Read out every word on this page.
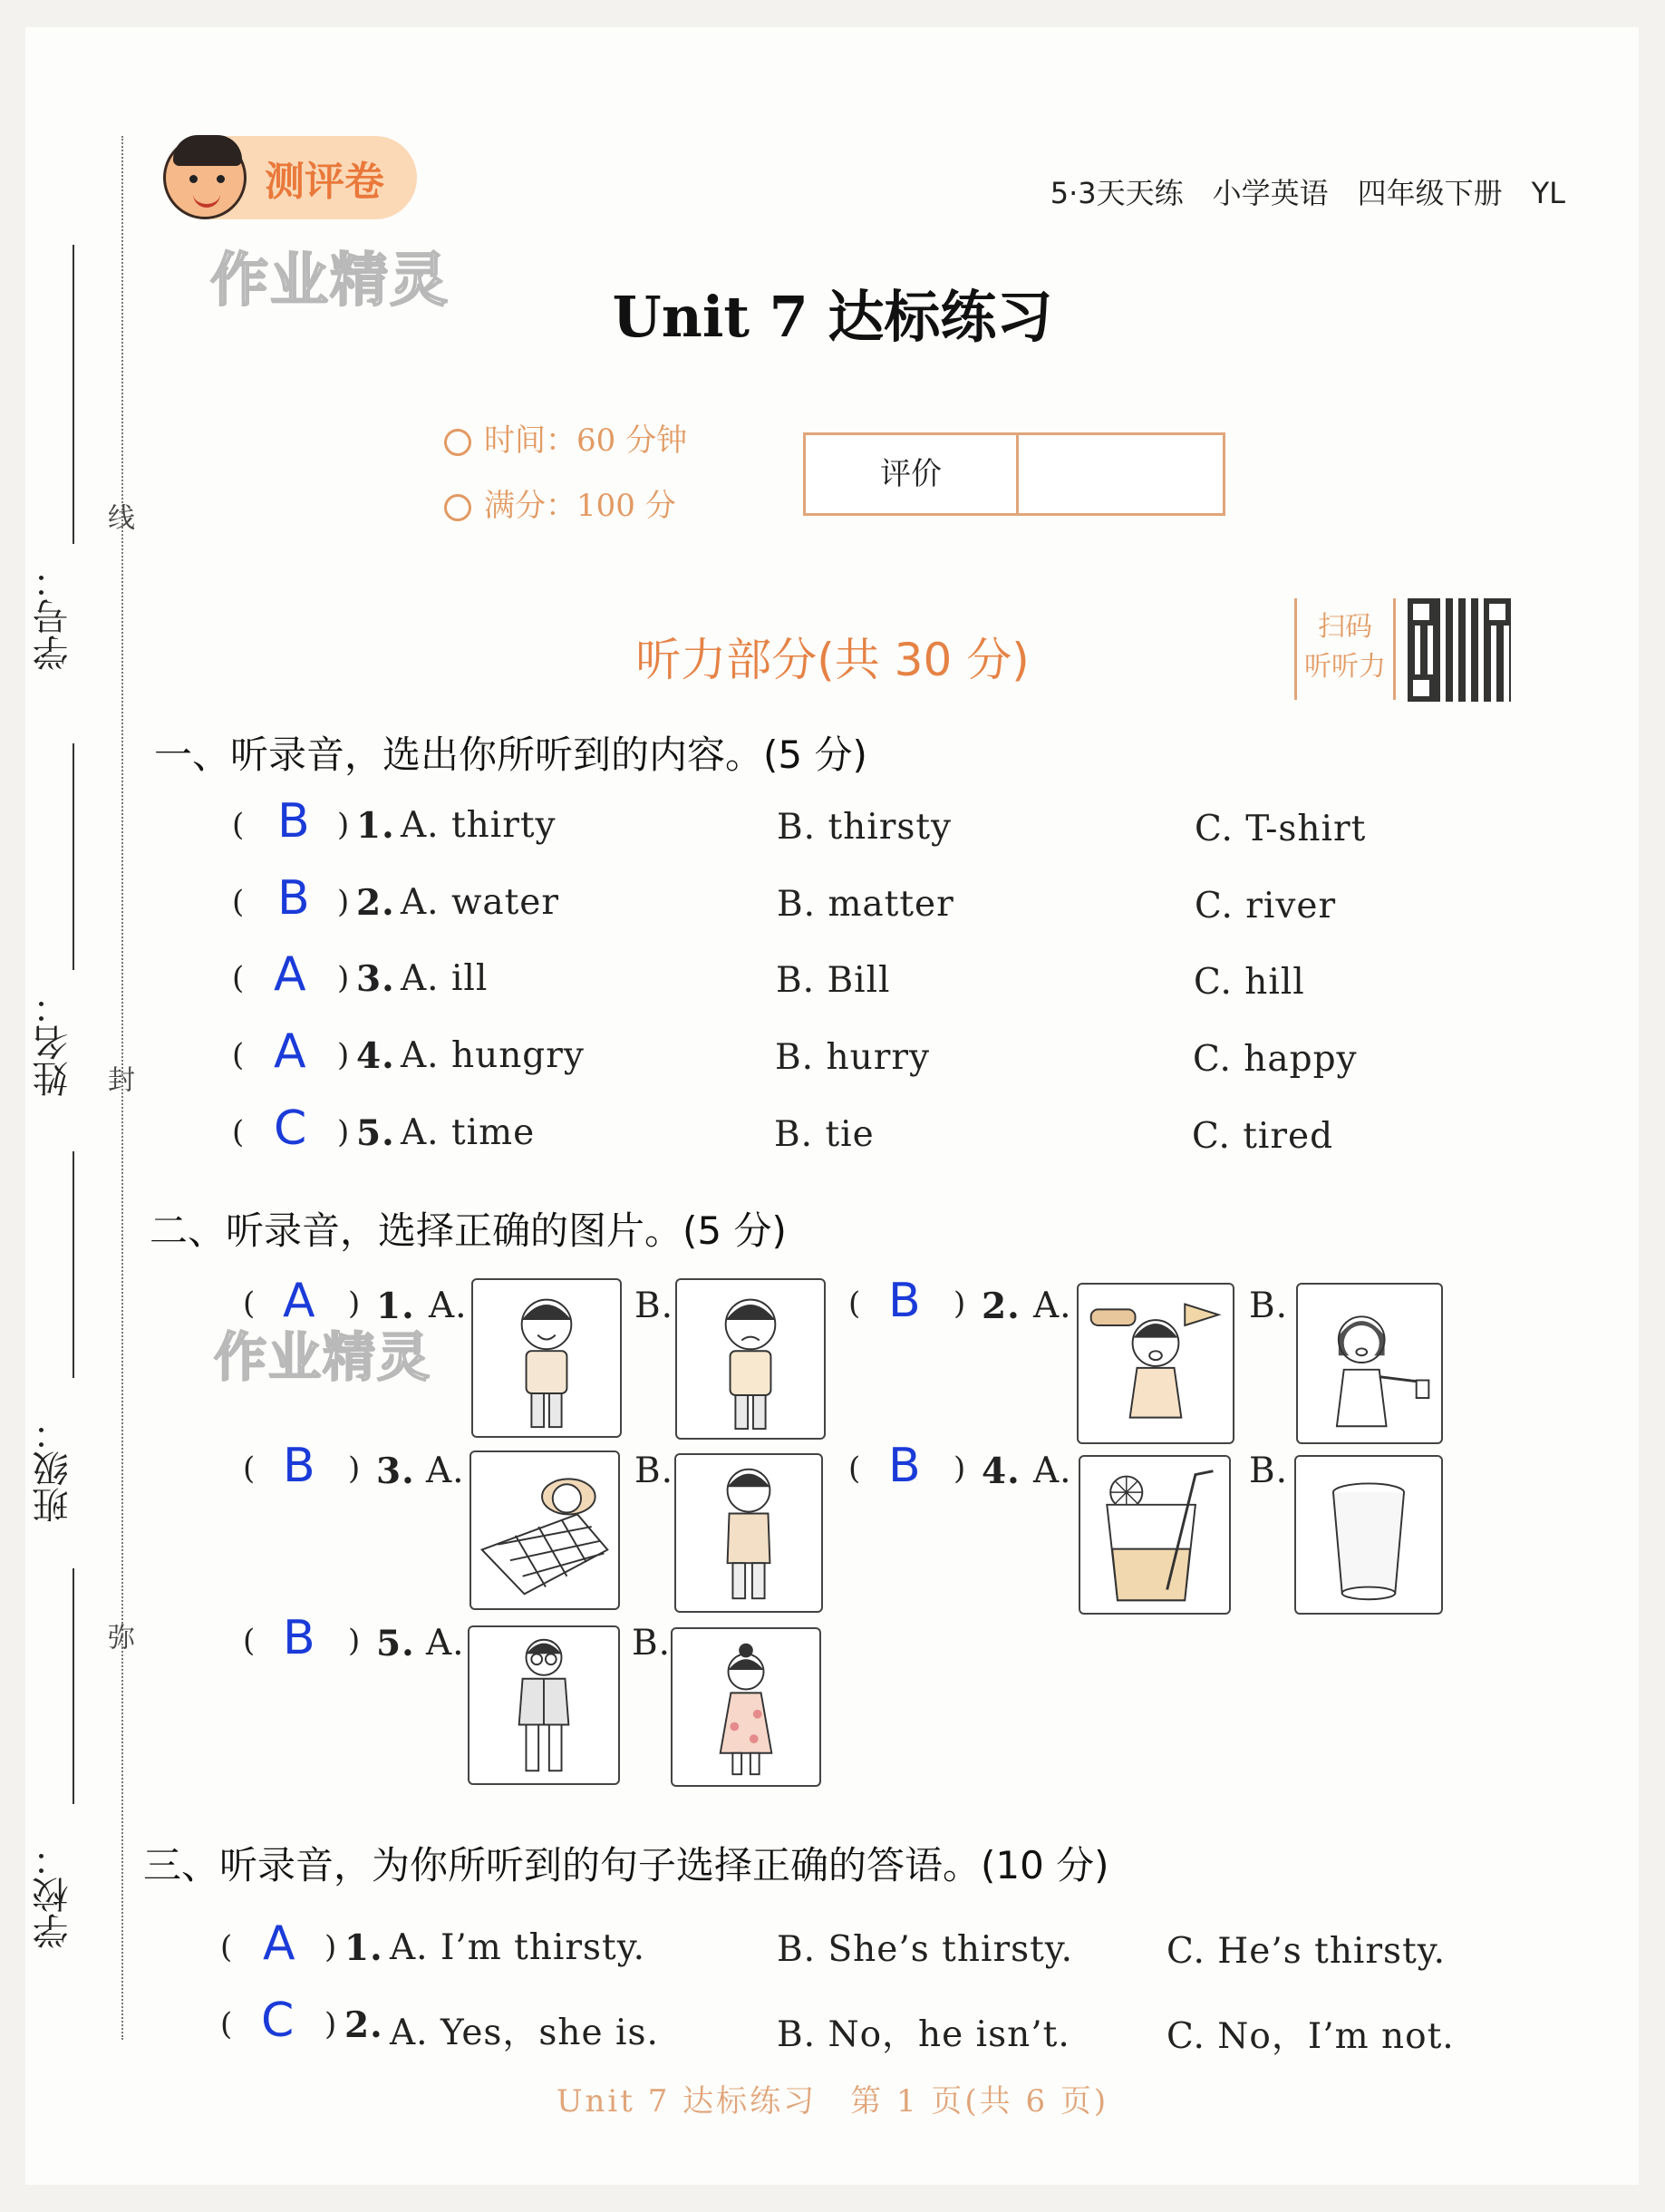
学号：
姓名：
班级：
学校：
线
封
弥
测评卷	5·3天天练　小学英语　四年级下册　YL
作业精灵
Unit 7 达标练习
时间：60 分钟
满分：100 分
评价
听力部分(共 30 分)
扫码
听听力
一、听录音，选出你所听到的内容。(5 分)
( B ) 1. A. thirty	B. thirsty	C. T-shirt
( B ) 2. A. water	B. matter	C. river
( A ) 3. A. ill	B. Bill	C. hill
( A ) 4. A. hungry	B. hurry	C. happy
( C ) 5. A. time	B. tie	C. tired
二、听录音，选择正确的图片。(5 分)
作业精灵
( A ) 1. A.	B.	( B ) 2. A.	B.
( B ) 3. A.	B.	( B ) 4. A.	B.
( B ) 5. A.	B.
三、听录音，为你所听到的句子选择正确的答语。(10 分)
( A ) 1. A. I’m thirsty.	B. She’s thirsty.	C. He’s thirsty.
( C ) 2. A. Yes，she is.	B. No，he isn’t.	C. No，I’m not.
Unit 7 达标练习　第 1 页(共 6 页)
